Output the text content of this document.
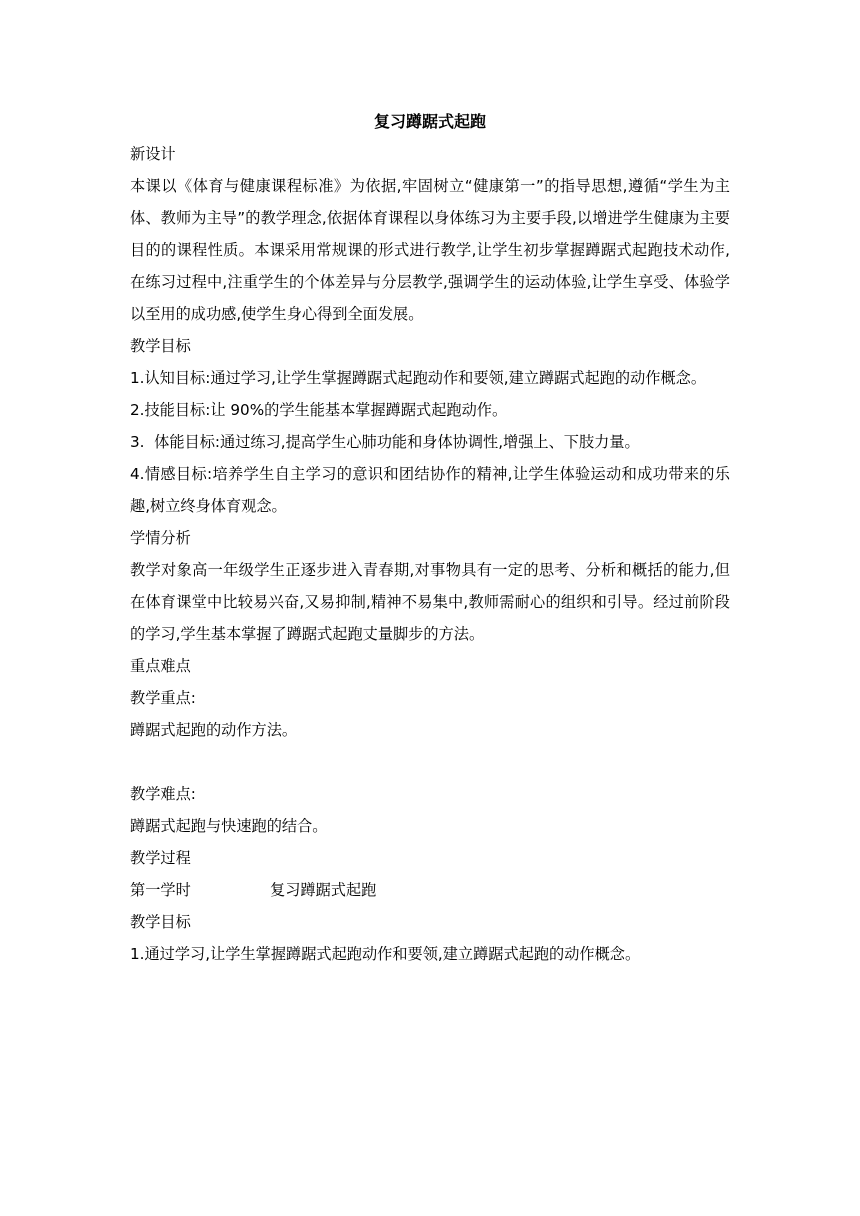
复习蹲踞式起跑
新设计
本课以《体育与健康课程标准》为依据,牢固树立“健康第一”的指导思想,遵循“学生为主体、教师为主导”的教学理念,依据体育课程以身体练习为主要手段,以增进学生健康为主要目的的课程性质。本课采用常规课的形式进行教学,让学生初步掌握蹲踞式起跑技术动作,在练习过程中,注重学生的个体差异与分层教学,强调学生的运动体验,让学生享受、体验学以至用的成功感,使学生身心得到全面发展。
教学目标
1.认知目标:通过学习,让学生掌握蹲踞式起跑动作和要领,建立蹲踞式起跑的动作概念。
2.技能目标:让 90%的学生能基本掌握蹲踞式起跑动作。
3.  体能目标:通过练习,提高学生心肺功能和身体协调性,增强上、下肢力量。
4.情感目标:培养学生自主学习的意识和团结协作的精神,让学生体验运动和成功带来的乐趣,树立终身体育观念。
学情分析
教学对象高一年级学生正逐步进入青春期,对事物具有一定的思考、分析和概括的能力,但在体育课堂中比较易兴奋,又易抑制,精神不易集中,教师需耐心的组织和引导。经过前阶段的学习,学生基本掌握了蹲踞式起跑丈量脚步的方法。
重点难点
教学重点:
蹲踞式起跑的动作方法。
教学难点:
蹲踞式起跑与快速跑的结合。
教学过程
第一学时	复习蹲踞式起跑
教学目标
1.通过学习,让学生掌握蹲踞式起跑动作和要领,建立蹲踞式起跑的动作概念。
